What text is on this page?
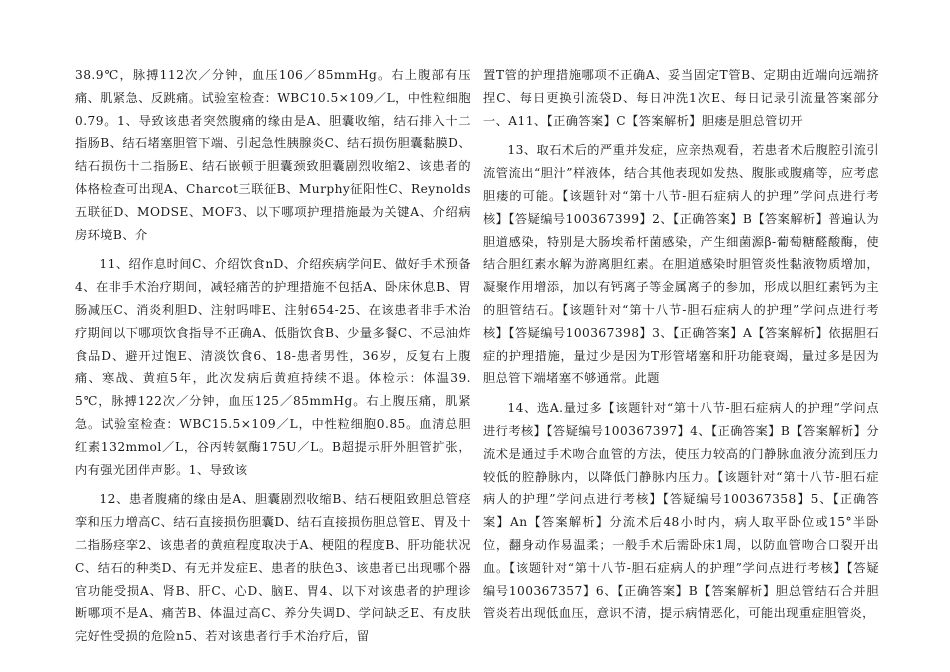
38.9℃，脉搏112次／分钟，血压106／85mmHg。右上腹部有压痛、肌紧急、反跳痛。试验室检查：WBC10.5×109／L，中性粒细胞0.79。1、导致该患者突然腹痛的缘由是A、胆囊收缩，结石排入十二指肠B、结石堵塞胆管下端、引起急性胰腺炎C、结石损伤胆囊黏膜D、结石损伤十二指肠E、结石嵌顿于胆囊颈致胆囊剧烈收缩2、该患者的体格检查可出现A、Charcot三联征B、Murphy征阳性C、Reynolds五联征D、MODSE、MOF3、以下哪项护理措施最为关键A、介绍病房环境B、介

11、绍作息时间C、介绍饮食nD、介绍疾病学问E、做好手术预备4、在非手术治疗期间，减轻痛苦的护理措施不包括A、卧床休息B、胃肠减压C、消炎利胆D、注射吗啡E、注射654-25、在该患者非手术治疗期间以下哪项饮食指导不正确A、低脂饮食B、少量多餐C、不忌油炸食品D、避开过饱E、清淡饮食6、18-患者男性，36岁，反复右上腹痛、寒战、黄疸5年，此次发病后黄疸持续不退。体检示：体温39.5℃，脉搏122次／分钟，血压125／85mmHg。右上腹压痛，肌紧急。试验室检查：WBC15.5×109／L，中性粒细胞0.85。血清总胆红素132mmol／L，谷丙转氨酶175U／L。B超提示肝外胆管扩张，内有强光团伴声影。1、导致该

12、患者腹痛的缘由是A、胆囊剧烈收缩B、结石梗阻致胆总管痉挛和压力增高C、结石直接损伤胆囊D、结石直接损伤胆总管E、胃及十二指肠痉挛2、该患者的黄疸程度取决于A、梗阻的程度B、肝功能状况C、结石的种类D、有无并发症E、患者的肤色3、该患者已出现哪个器官功能受损A、肾B、肝C、心D、脑E、胃4、以下对该患者的护理诊断哪项不是A、痛苦B、体温过高C、养分失调D、学问缺乏E、有皮肤完好性受损的危险n5、若对该患者行手术治疗后，留

置T管的护理措施哪项不正确A、妥当固定T管B、定期由近端向远端挤捏C、每日更换引流袋D、每日冲洗1次E、每日记录引流量答案部分一、A11、【正确答案】C【答案解析】胆瘘是胆总管切开

13、取石术后的严重并发症，应亲热观看，若患者术后腹腔引流引流管流出“胆汁”样液体，结合其他表现如发热、腹胀或腹痛等，应考虑胆瘘的可能。【该题针对“第十八节-胆石症病人的护理”学问点进行考核】【答疑编号100367399】2、【正确答案】B【答案解析】普遍认为胆道感染，特别是大肠埃希杆菌感染，产生细菌源β-葡萄糖醛酸酶，使结合胆红素水解为游离胆红素。在胆道感染时胆管炎性黏液物质增加，凝聚作用增添，加以有钙离子等金属离子的参加，形成以胆红素钙为主的胆管结石。【该题针对“第十八节-胆石症病人的护理”学问点进行考核】【答疑编号100367398】3、【正确答案】A【答案解析】依据胆石症的护理措施，量过少是因为T形管堵塞和肝功能衰竭，量过多是因为胆总管下端堵塞不够通常。此题

14、选A.量过多【该题针对“第十八节-胆石症病人的护理”学问点进行考核】【答疑编号100367397】4、【正确答案】B【答案解析】分流术是通过手术吻合血管的方法，使压力较高的门静脉血液分流到压力较低的腔静脉内，以降低门静脉内压力。【该题针对“第十八节-胆石症病人的护理”学问点进行考核】【答疑编号100367358】5、【正确答案】An【答案解析】分流术后48小时内，病人取平卧位或15°半卧位，翻身动作易温柔；一般手术后需卧床1周，以防血管吻合口裂开出血。【该题针对“第十八节-胆石症病人的护理”学问点进行考核】【答疑编号100367357】6、【正确答案】B【答案解析】胆总管结石合并胆管炎若出现低血压，意识不清，提示病情恶化，可能出现重症胆管炎，
